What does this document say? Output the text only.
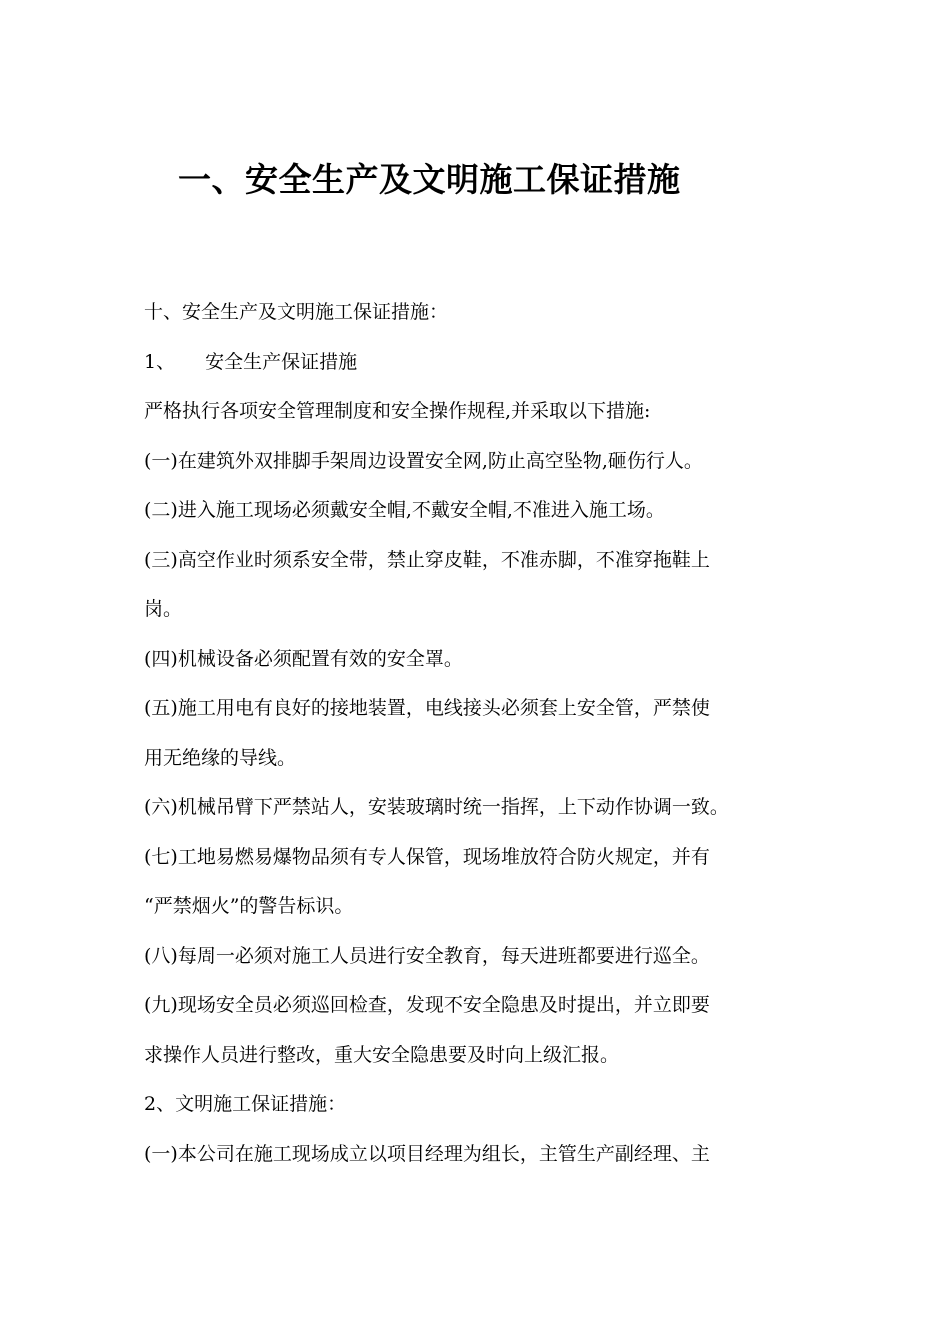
一、安全生产及文明施工保证措施
十、安全生产及文明施工保证措施：
1、 安全生产保证措施
严格执行各项安全管理制度和安全操作规程,并采取以下措施:
(一)在建筑外双排脚手架周边设置安全网,防止高空坠物,砸伤行人。
(二)进入施工现场必须戴安全帽,不戴安全帽,不准进入施工场。
(三)高空作业时须系安全带，禁止穿皮鞋，不准赤脚，不准穿拖鞋上
岗。
(四)机械设备必须配置有效的安全罩。
(五)施工用电有良好的接地装置，电线接头必须套上安全管，严禁使
用无绝缘的导线。
(六)机械吊臂下严禁站人，安装玻璃时统一指挥，上下动作协调一致。
(七)工地易燃易爆物品须有专人保管，现场堆放符合防火规定，并有
“严禁烟火”的警告标识。
(八)每周一必须对施工人员进行安全教育，每天进班都要进行巡全。
(九)现场安全员必须巡回检查，发现不安全隐患及时提出，并立即要
求操作人员进行整改，重大安全隐患要及时向上级汇报。
2、文明施工保证措施：
(一)本公司在施工现场成立以项目经理为组长，主管生产副经理、主
